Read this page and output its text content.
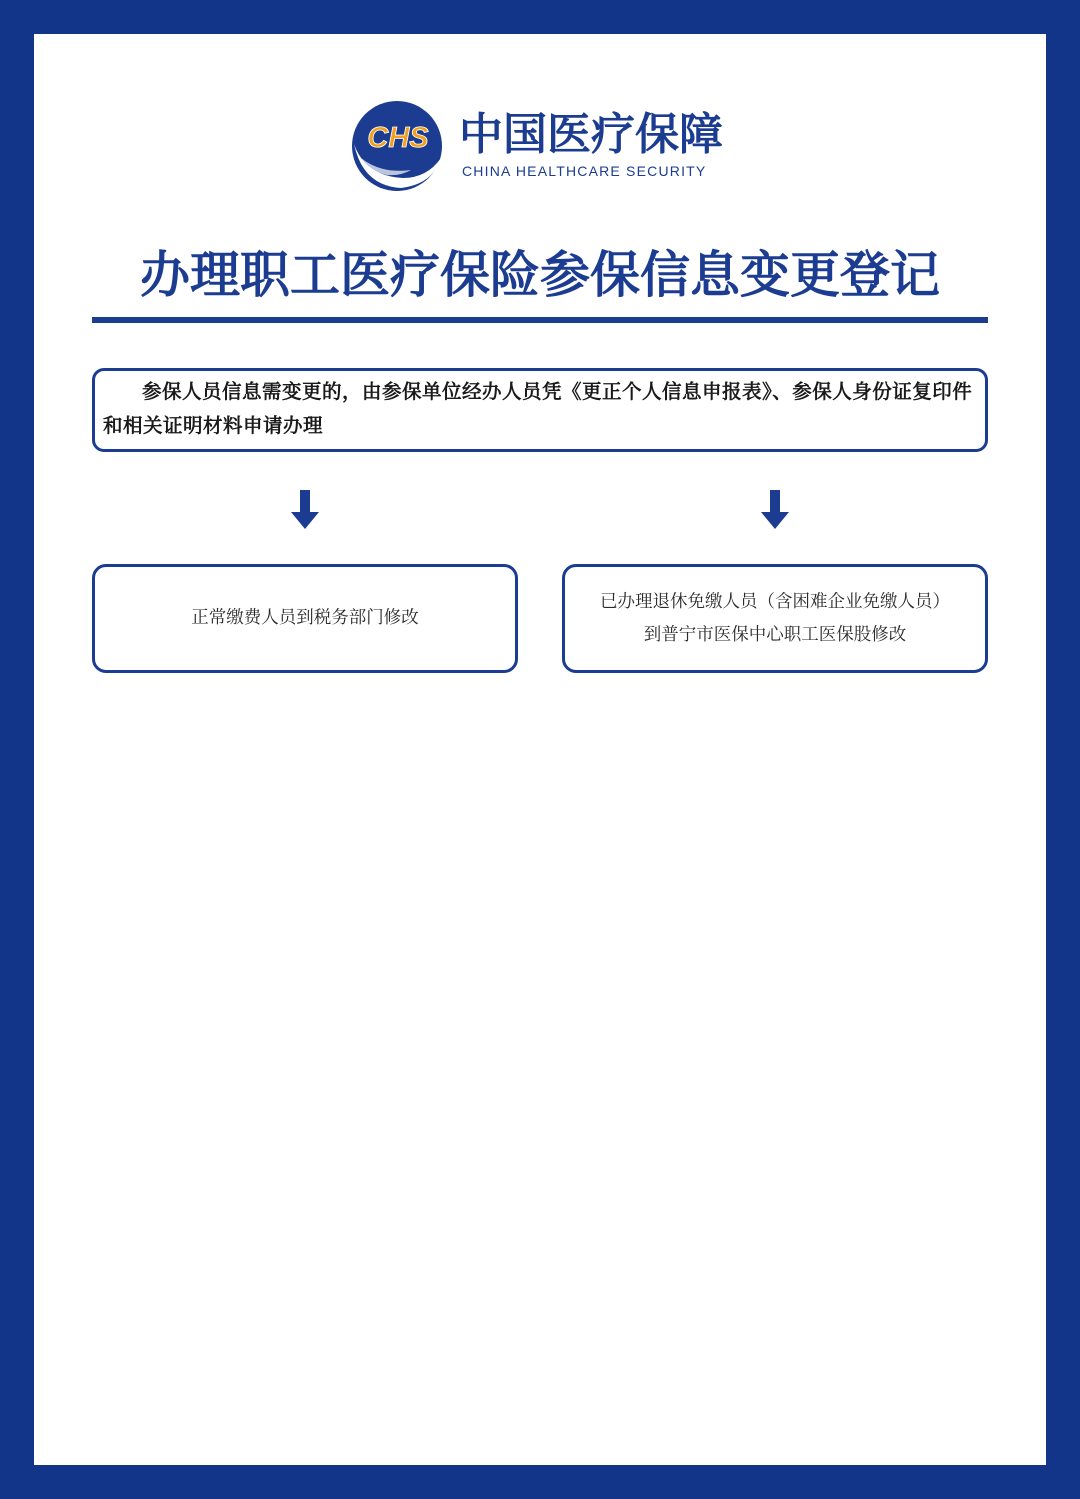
CHS 中国医疗保障
CHINA HEALTHCARE SECURITY
办理职工医疗保险参保信息变更登记

参保人员信息需变更的，由参保单位经办人员凭《更正个人信息申报表》、参保人身份证复印件和相关证明材料申请办理

正常缴费人员到税务部门修改
已办理退休免缴人员（含困难企业免缴人员）
到普宁市医保中心职工医保股修改
